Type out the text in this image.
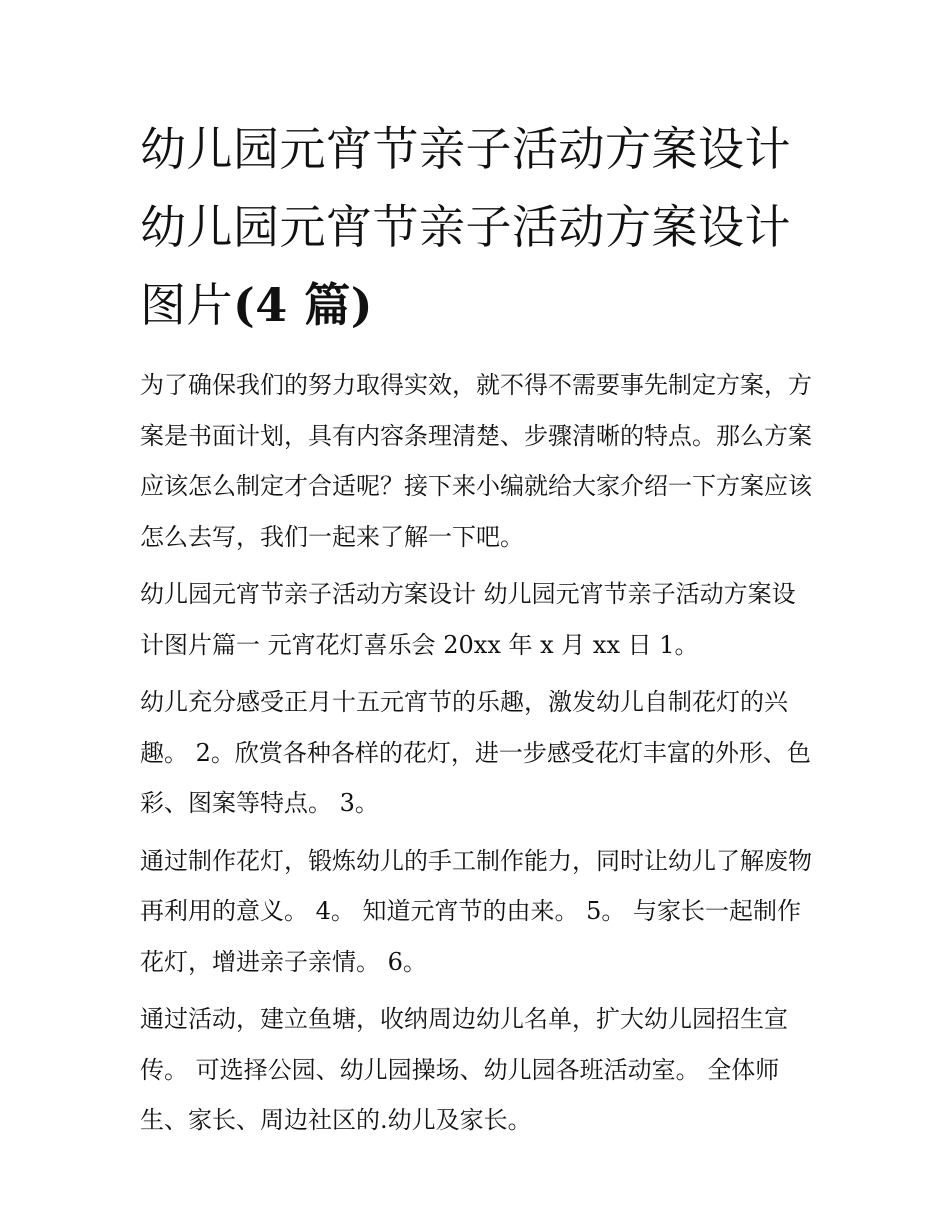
幼儿园元宵节亲子活动方案设计 幼儿园元宵节亲子活动方案设计图片(4 篇)

为了确保我们的努力取得实效，就不得不需要事先制定方案，方案是书面计划，具有内容条理清楚、步骤清晰的特点。那么方案应该怎么制定才合适呢？接下来小编就给大家介绍一下方案应该怎么去写，我们一起来了解一下吧。

幼儿园元宵节亲子活动方案设计 幼儿园元宵节亲子活动方案设计图片篇一 元宵花灯喜乐会 20xx 年 x 月 xx 日 1。

幼儿充分感受正月十五元宵节的乐趣，激发幼儿自制花灯的兴趣。 2。欣赏各种各样的花灯，进一步感受花灯丰富的外形、色彩、图案等特点。 3。

通过制作花灯，锻炼幼儿的手工制作能力，同时让幼儿了解废物再利用的意义。 4。 知道元宵节的由来。 5。 与家长一起制作花灯，增进亲子亲情。 6。

通过活动，建立鱼塘，收纳周边幼儿名单，扩大幼儿园招生宣传。 可选择公园、幼儿园操场、幼儿园各班活动室。 全体师生、家长、周边社区的.幼儿及家长。
